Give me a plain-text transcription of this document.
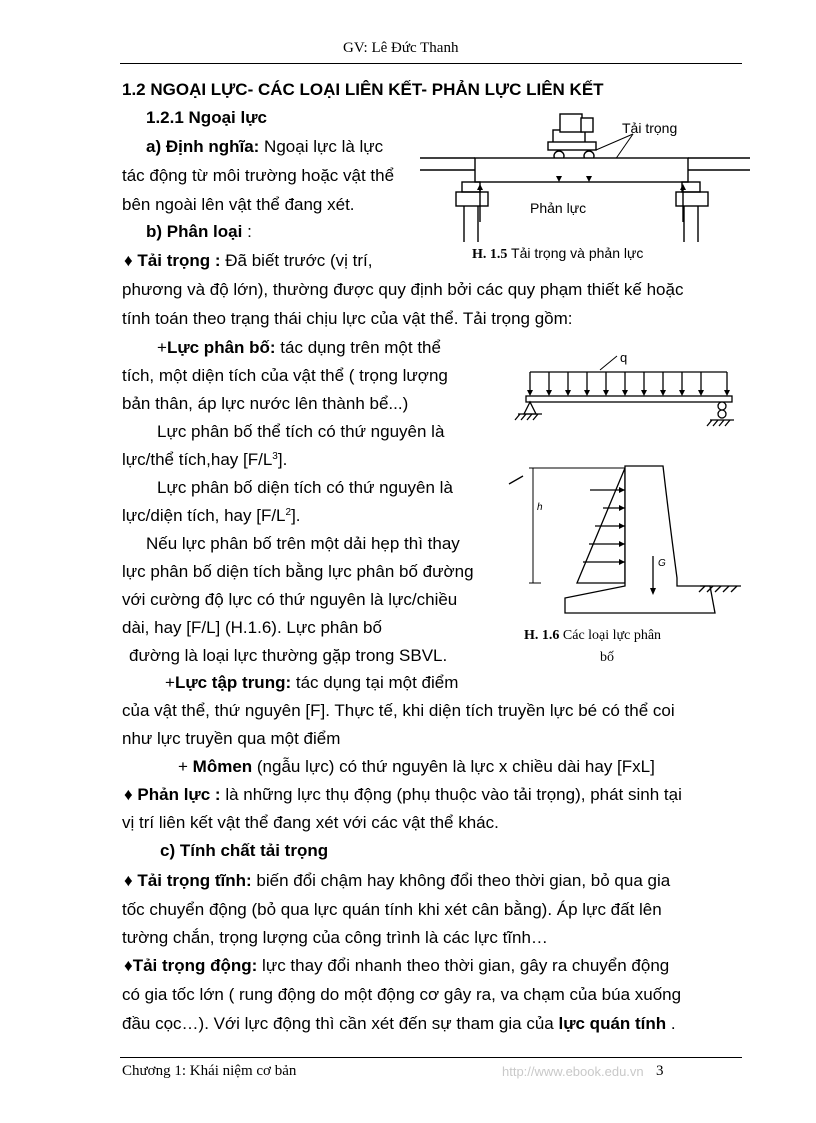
GV: Lê Đức Thanh
1.2 NGOẠI LỰC- CÁC LOẠI LIÊN KẾT- PHẢN LỰC LIÊN KẾT
1.2.1 Ngoại lực
a) Định nghĩa: Ngoại lực là lực
tác động từ môi trường hoặc vật thể
bên ngoài lên vật thể đang xét.
b) Phân loại :
♦ Tải trọng : Đã biết trước (vị trí,
phương và độ lớn), thường được quy định bởi các quy phạm thiết kế hoặc
tính toán theo trạng thái chịu lực của vật thể. Tải trọng gồm:
+Lực phân bố: tác dụng trên một thể
tích, một diện tích của vật thể ( trọng lượng
bản thân, áp lực nước lên thành bể...)
Lực phân bố thể tích có thứ nguyên là
lực/thể tích,hay $[F/L^3]$.
Lực phân bố diện tích có thứ nguyên là
lực/diện tích, hay $[F/L^2]$.
Nếu lực phân bố trên một dải hẹp thì thay
lực phân bố diện tích bằng lực phân bố đường
với cường độ lực có thứ nguyên là lực/chiều
dài, hay [F/L] (H.1.6). Lực phân bố
đường là loại lực thường gặp trong SBVL.
+Lực tập trung: tác dụng tại một điểm
của vật thể, thứ nguyên [F]. Thực tế, khi diện tích truyền lực bé có thể coi
như lực truyền qua một điểm
+ Mômen (ngẫu lực) có thứ nguyên là lực x chiều dài hay [FxL]
♦ Phản lực : là những lực thụ động (phụ thuộc vào tải trọng), phát sinh tại
vị trí liên kết vật thể đang xét với các vật thể khác.
c) Tính chất tải trọng
♦ Tải trọng tĩnh: biến đổi chậm hay không đổi theo thời gian, bỏ qua gia
tốc chuyển động (bỏ qua lực quán tính khi xét cân bằng). Áp lực đất lên
tường chắn, trọng lượng của công trình là các lực tĩnh…
♦Tải trọng động: lực thay đổi nhanh theo thời gian, gây ra chuyển động
có gia tốc lớn ( rung động do một động cơ gây ra, va chạm của búa xuống
đầu cọc…). Với lực động thì cần xét đến sự tham gia của lực quán tính .
Tải trọng
Phản lực
H. 1.5 Tải trọng và phản lực
q
h
G
H. 1.6 Các loại lực phân
bố
Chương 1: Khái niệm cơ bản	http://www.ebook.edu.vn 3
